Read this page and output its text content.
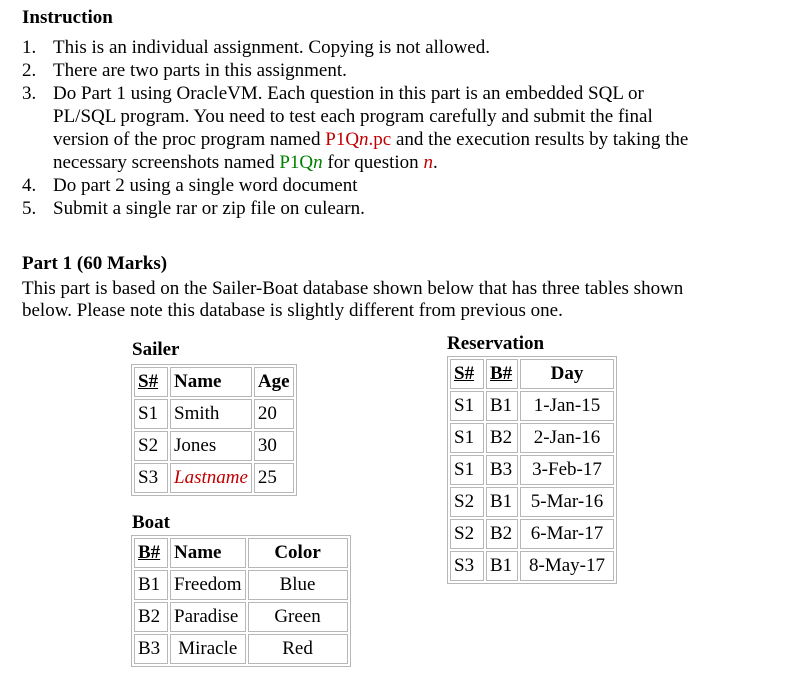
Instruction
1. This is an individual assignment. Copying is not allowed.
2. There are two parts in this assignment.
3. Do Part 1 using OracleVM. Each question in this part is an embedded SQL or
PL/SQL program. You need to test each program carefully and submit the final
version of the proc program named P1Qn.pc and the execution results by taking the
necessary screenshots named P1Qn for question n.
4. Do part 2 using a single word document
5. Submit a single rar or zip file on culearn.
Part 1 (60 Marks)
This part is based on the Sailer-Boat database shown below that has three tables shown
below. Please note this database is slightly different from previous one.
Sailer
S#	Name	Age
S1	Smith	20
S2	Jones	30
S3	Lastname	25
Boat
B#	Name	Color
B1	Freedom	Blue
B2	Paradise	Green
B3	Miracle	Red
Reservation
S#	B#	Day
S1	B1	1-Jan-15
S1	B2	2-Jan-16
S1	B3	3-Feb-17
S2	B1	5-Mar-16
S2	B2	6-Mar-17
S3	B1	8-May-17
